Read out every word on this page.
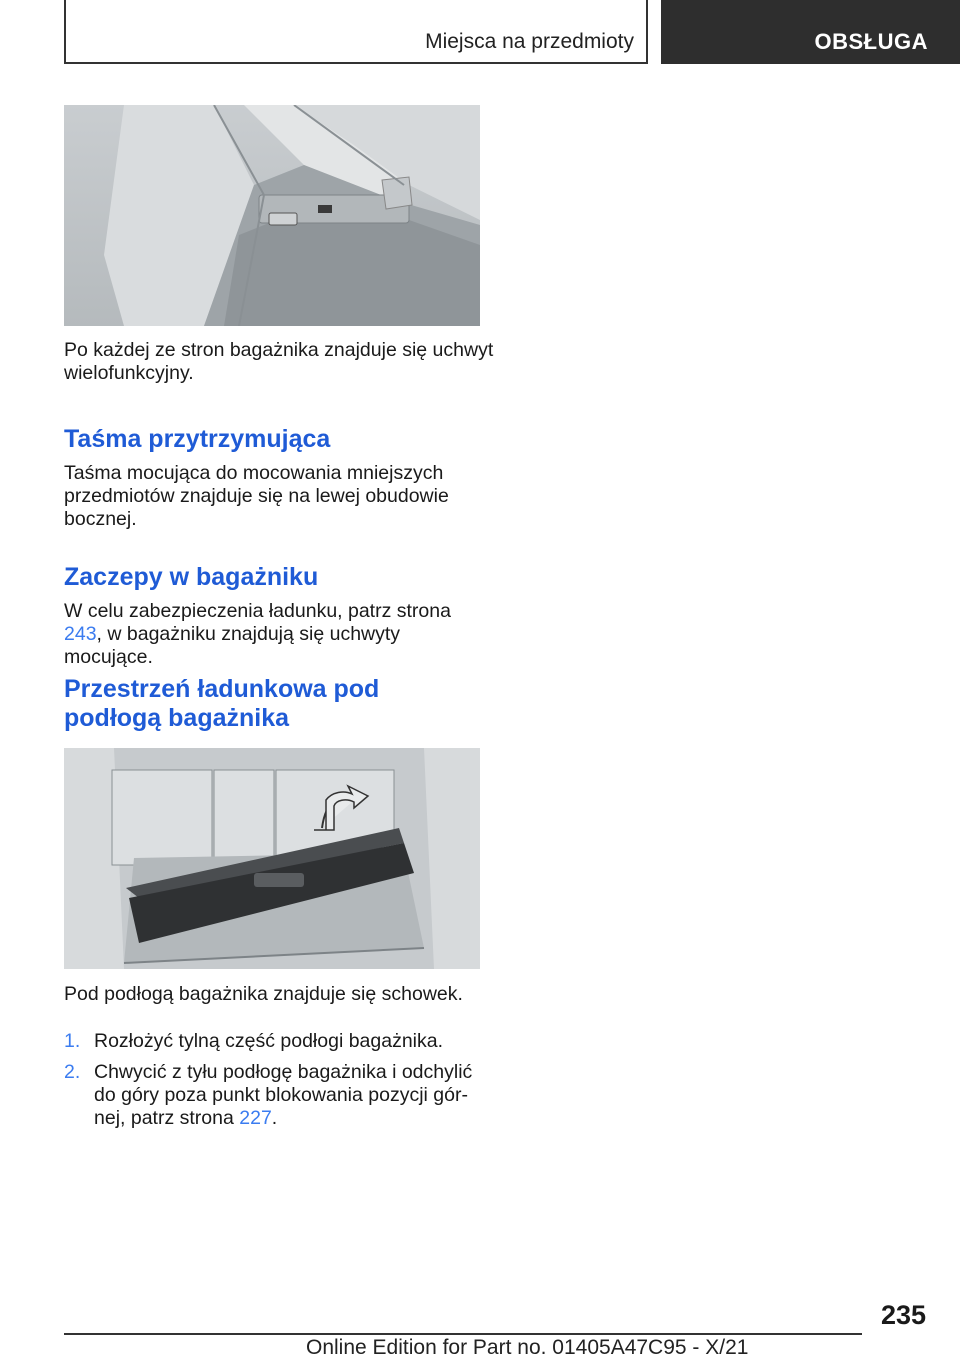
Miejsca na przedmioty	OBSŁUGA
Po każdej ze stron bagażnika znajduje się uchwyt wielofunkcyjny.
Taśma przytrzymująca
Taśma mocująca do mocowania mniejszych przedmiotów znajduje się na lewej obudowie bocznej.
Zaczepy w bagażniku
W celu zabezpieczenia ładunku, patrz strona 243, w bagażniku znajdują się uchwyty mocujące.
Przestrzeń ładunkowa pod
podłogą bagażnika
Pod podłogą bagażnika znajduje się schowek.
1. Rozłożyć tylną część podłogi bagażnika.
2. Chwycić z tyłu podłogę bagażnika i odchylić do góry poza punkt blokowania pozycji gór-nej, patrz strona 227.
235
Online Edition for Part no. 01405A47C95 - X/21
